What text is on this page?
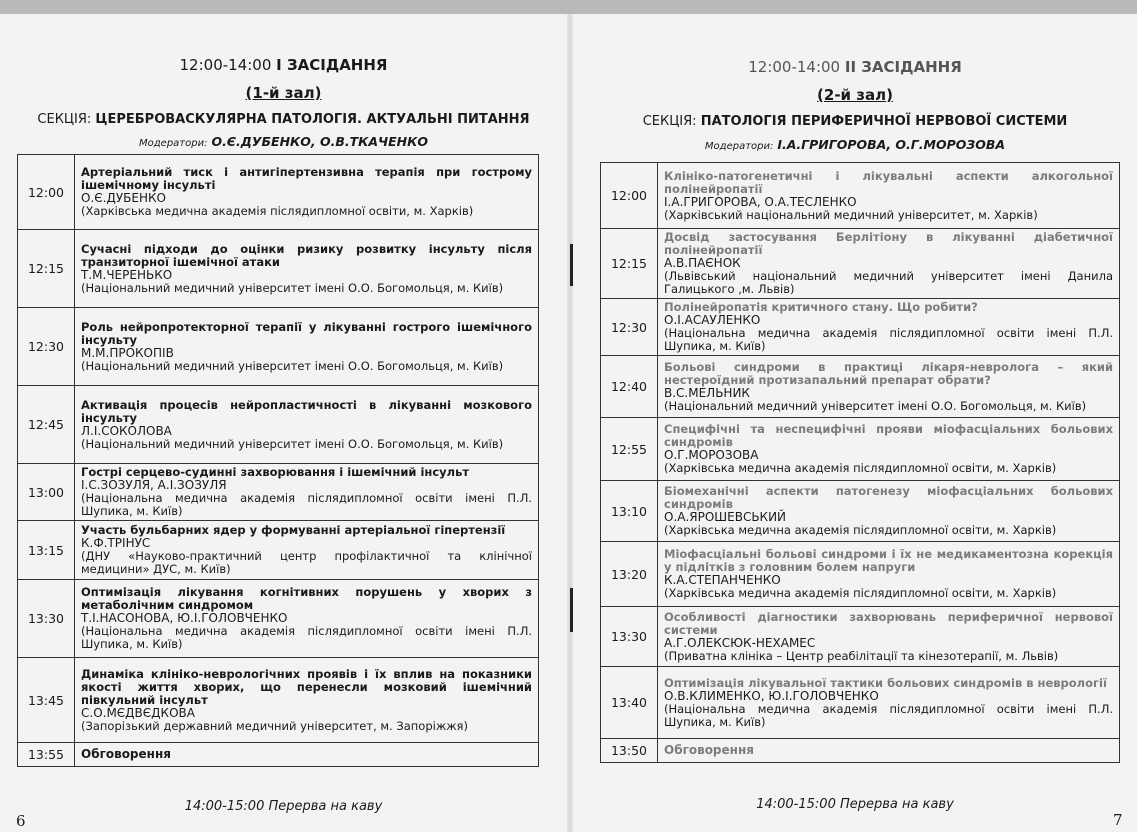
12:00-14:00 І ЗАСІДАННЯ
(1-й зал)
СЕКЦІЯ: ЦЕРЕБРОВАСКУЛЯРНА ПАТОЛОГІЯ. АКТУАЛЬНІ ПИТАННЯ
Модератори: О.Є.ДУБЕНКО, О.В.ТКАЧЕНКО
12:00	Артеріальний тиск і антигіпертензивна терапія при гострому ішемічному інсульті
О.Є.ДУБЕНКО
(Харківська медична академія післядипломної освіти, м. Харків)

12:15	Сучасні підходи до оцінки ризику розвитку інсульту після транзиторної ішемічної атаки
Т.М.ЧЕРЕНЬКО
(Національний медичний університет імені О.О. Богомольця, м. Київ)

12:30	Роль нейропротекторної терапії у лікуванні гострого ішемічного інсульту
М.М.ПРОКОПІВ
(Національний медичний університет імені О.О. Богомольця, м. Київ)

12:45	Активація процесів нейропластичності в лікуванні мозкового інсульту
Л.І.СОКОЛОВА
(Національний медичний університет імені О.О. Богомольця, м. Київ)

13:00	Гострі серцево-судинні захворювання і ішемічний інсульт
І.С.ЗОЗУЛЯ, А.І.ЗОЗУЛЯ
(Національна медична академія післядипломної освіти імені П.Л. Шупика, м. Київ)

13:15	Участь бульбарних ядер у формуванні артеріальної гіпертензії
К.Ф.ТРІНУС
(ДНУ «Науково-практичний центр профілактичної та клінічної медицини» ДУС, м. Київ)

13:30	Оптимізація лікування когнітивних порушень у хворих з метаболічним синдромом
Т.І.НАСОНОВА, Ю.І.ГОЛОВЧЕНКО
(Національна медична академія післядипломної освіти імені П.Л. Шупика, м. Київ)

13:45	Динаміка клініко-неврологічних проявів і їх вплив на показники якості життя хворих, що перенесли мозковий ішемічний півкульний інсульт
С.О.МЄДВЄДКОВА
(Запорізький державний медичний університет, м. Запоріжжя)

13:55	Обговорення
14:00-15:00 Перерва на каву
6
12:00-14:00 ІІ ЗАСІДАННЯ
(2-й зал)
СЕКЦІЯ: ПАТОЛОГІЯ ПЕРИФЕРИЧНОЇ НЕРВОВОЇ СИСТЕМИ
Модератори: І.А.ГРИГОРОВА, О.Г.МОРОЗОВА
12:00	Клініко-патогенетичні і лікувальні аспекти алкогольної полінейропатії
І.А.ГРИГОРОВА, О.А.ТЕСЛЕНКО
(Харківський національний медичний університет, м. Харків)

12:15	Досвід застосування Берлітіону в лікуванні діабетичної полінейропатії
А.В.ПАЄНОК
(Львівський національний медичний університет імені Данила Галицького ,м. Львів)

12:30	Полінейропатія критичного стану. Що робити?
О.І.АСАУЛЕНКО
(Національна медична академія післядипломної освіти імені П.Л. Шупика, м. Київ)

12:40	Больові синдроми в практиці лікаря-невролога – який нестероїдний протизапальний препарат обрати?
В.С.МЕЛЬНИК
(Національний медичний університет імені О.О. Богомольця, м. Київ)

12:55	Специфічні та неспецифічні прояви міофасціальних больових синдромів
О.Г.МОРОЗОВА
(Харківська медична академія післядипломної освіти, м. Харків)

13:10	Біомеханічні аспекти патогенезу міофасціальних больових синдромів
О.А.ЯРОШЕВСЬКИЙ
(Харківська медична академія післядипломної освіти, м. Харків)

13:20	Міофасціальні больові синдроми і їх не медикаментозна корекція у підлітків з головним болем напруги
К.А.СТЕПАНЧЕНКО
(Харківська медична академія післядипломної освіти, м. Харків)

13:30	Особливості діагностики захворювань периферичної нервової системи
А.Г.ОЛЕКСЮК-НЕХАМЕС
(Приватна клініка – Центр реабілітації та кінезотерапії, м. Львів)

13:40	Оптимізація лікувальної тактики больових синдромів в неврології
О.В.КЛИМЕНКО, Ю.І.ГОЛОВЧЕНКО
(Національна медична академія післядипломної освіти імені П.Л. Шупика, м. Київ)

13:50	Обговорення
14:00-15:00 Перерва на каву
7
